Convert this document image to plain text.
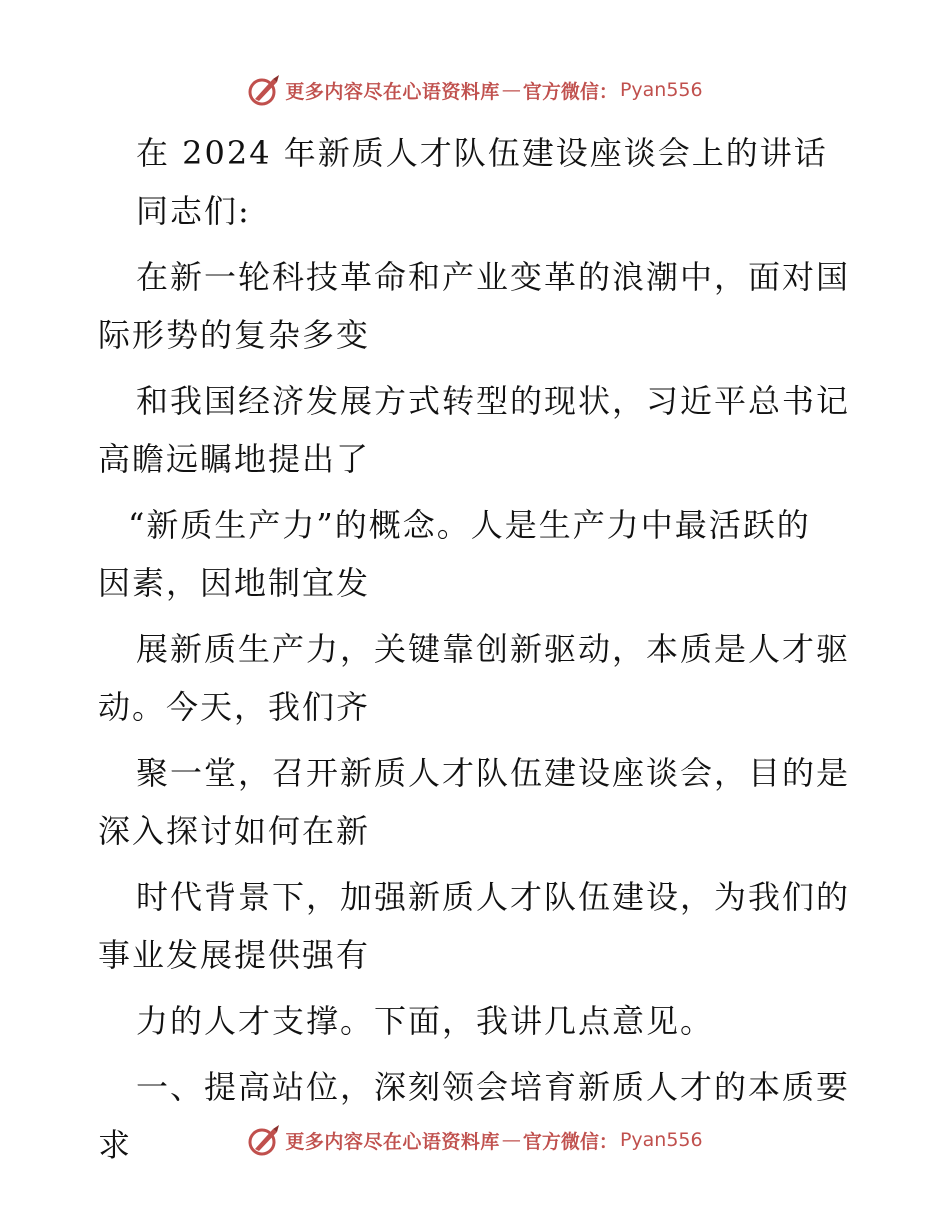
更多内容尽在心语资料库 — 官方微信： Pyan556
在 2024 年新质人才队伍建设座谈会上的讲话
同志们:
在新一轮科技革命和产业变革的浪潮中，面对国
际形势的复杂多变
和我国经济发展方式转型的现状，习近平总书记
高瞻远瞩地提出了
“新质生产力”的概念。人是生产力中最活跃的
因素，因地制宜发
展新质生产力，关键靠创新驱动，本质是人才驱
动。今天，我们齐
聚一堂，召开新质人才队伍建设座谈会，目的是
深入探讨如何在新
时代背景下，加强新质人才队伍建设，为我们的
事业发展提供强有
力的人才支撑。下面，我讲几点意见。
一、提高站位，深刻领会培育新质人才的本质要
求	更多内容尽在心语资料库 — 官方微信： Pyan556
